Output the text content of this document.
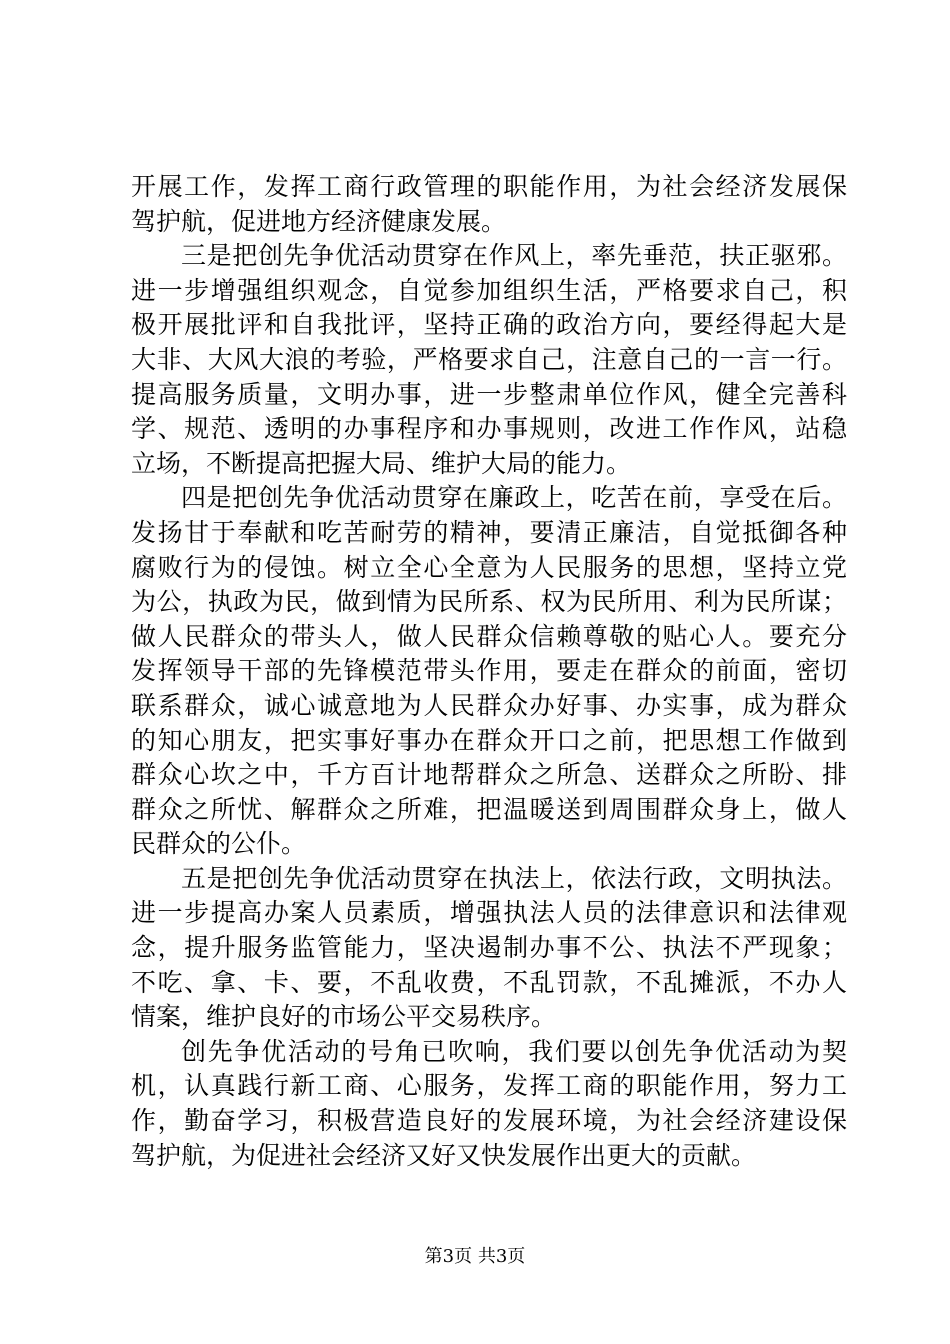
开展工作，发挥工商行政管理的职能作用，为社会经济发展保
驾护航，促进地方经济健康发展。
三是把创先争优活动贯穿在作风上，率先垂范，扶正驱邪。
进一步增强组织观念，自觉参加组织生活，严格要求自己，积
极开展批评和自我批评，坚持正确的政治方向，要经得起大是
大非、大风大浪的考验，严格要求自己，注意自己的一言一行。
提高服务质量，文明办事，进一步整肃单位作风，健全完善科
学、规范、透明的办事程序和办事规则，改进工作作风，站稳
立场，不断提高把握大局、维护大局的能力。
四是把创先争优活动贯穿在廉政上，吃苦在前，享受在后。
发扬甘于奉献和吃苦耐劳的精神，要清正廉洁，自觉抵御各种
腐败行为的侵蚀。树立全心全意为人民服务的思想，坚持立党
为公，执政为民，做到情为民所系、权为民所用、利为民所谋；
做人民群众的带头人，做人民群众信赖尊敬的贴心人。要充分
发挥领导干部的先锋模范带头作用，要走在群众的前面，密切
联系群众，诚心诚意地为人民群众办好事、办实事，成为群众
的知心朋友，把实事好事办在群众开口之前，把思想工作做到
群众心坎之中，千方百计地帮群众之所急、送群众之所盼、排
群众之所忧、解群众之所难，把温暖送到周围群众身上，做人
民群众的公仆。
五是把创先争优活动贯穿在执法上，依法行政，文明执法。
进一步提高办案人员素质，增强执法人员的法律意识和法律观
念，提升服务监管能力，坚决遏制办事不公、执法不严现象；
不吃、拿、卡、要，不乱收费，不乱罚款，不乱摊派，不办人
情案，维护良好的市场公平交易秩序。
创先争优活动的号角已吹响，我们要以创先争优活动为契
机，认真践行新工商、心服务，发挥工商的职能作用，努力工
作，勤奋学习，积极营造良好的发展环境，为社会经济建设保
驾护航，为促进社会经济又好又快发展作出更大的贡献。
第3页 共3页
